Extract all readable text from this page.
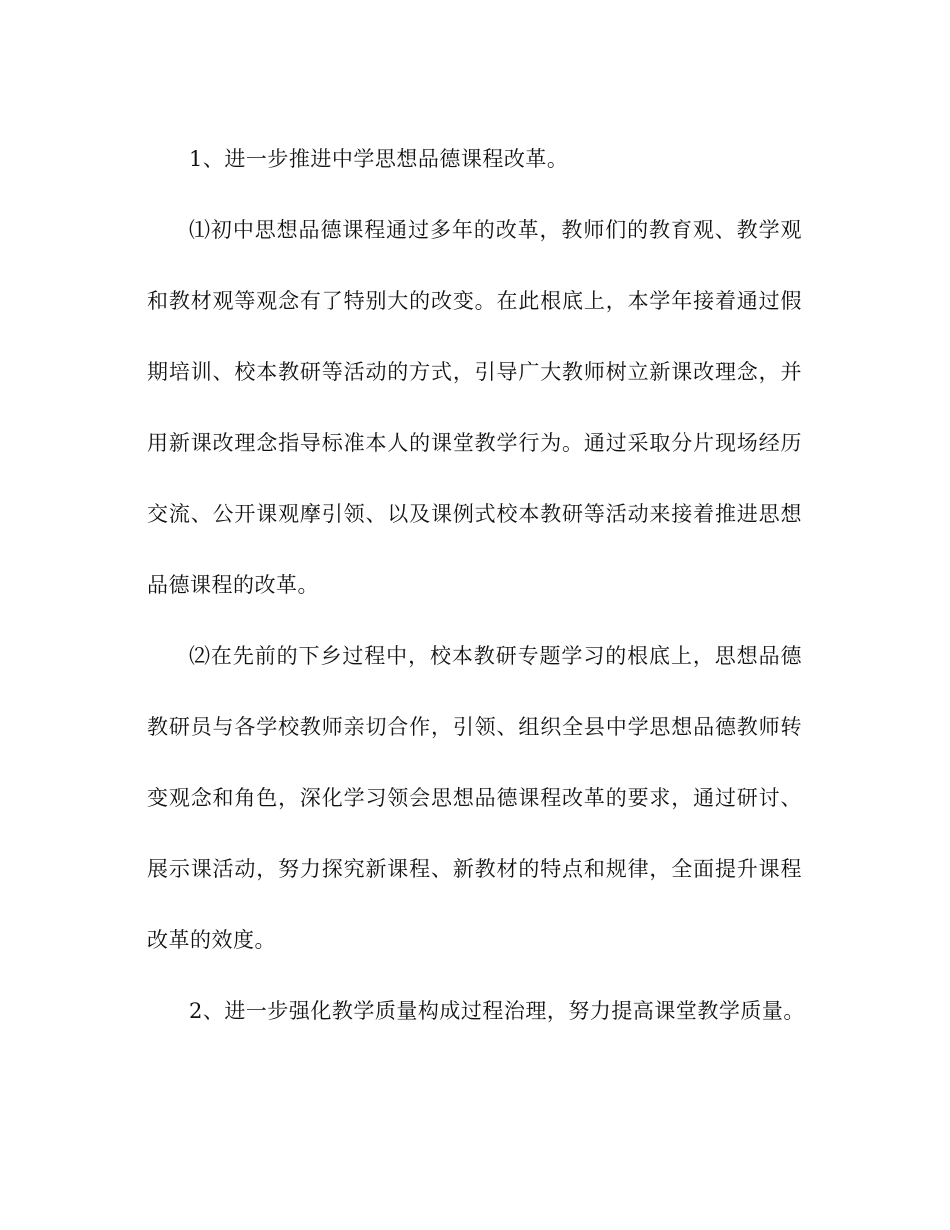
1、进一步推进中学思想品德课程改革。

⑴初中思想品德课程通过多年的改革，教师们的教育观、教学观和教材观等观念有了特别大的改变。在此根底上，本学年接着通过假期培训、校本教研等活动的方式，引导广大教师树立新课改理念，并用新课改理念指导标准本人的课堂教学行为。通过采取分片现场经历交流、公开课观摩引领、以及课例式校本教研等活动来接着推进思想品德课程的改革。

⑵在先前的下乡过程中，校本教研专题学习的根底上，思想品德教研员与各学校教师亲切合作，引领、组织全县中学思想品德教师转变观念和角色，深化学习领会思想品德课程改革的要求，通过研讨、展示课活动，努力探究新课程、新教材的特点和规律，全面提升课程改革的效度。

2、进一步强化教学质量构成过程治理，努力提高课堂教学质量。
